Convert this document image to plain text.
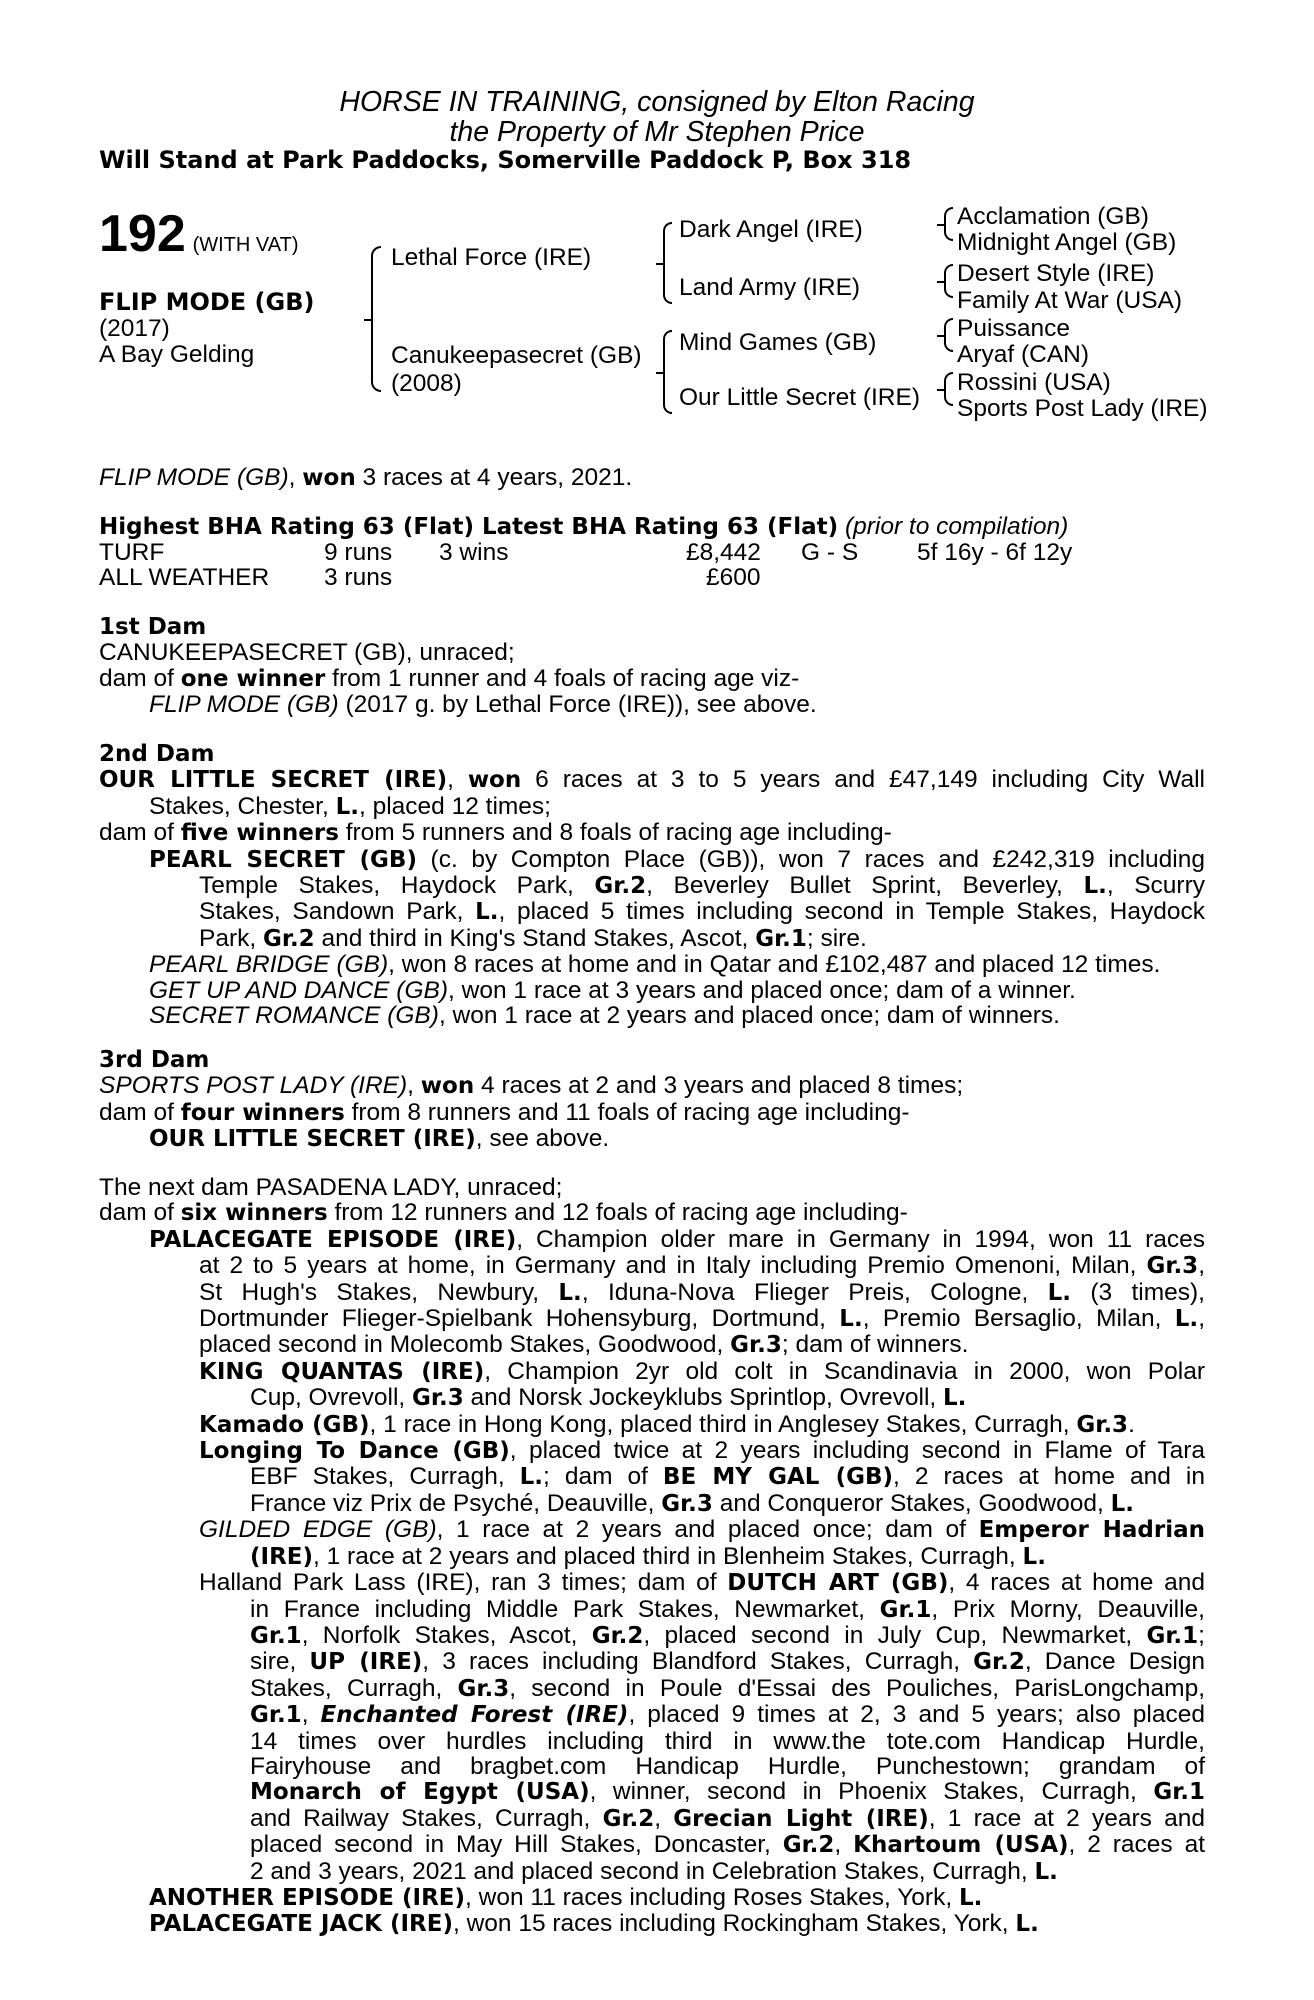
HORSE IN TRAINING, consigned by Elton Racing
the Property of Mr Stephen Price
Will Stand at Park Paddocks, Somerville Paddock P, Box 318
192 (WITH VAT)
FLIP MODE (GB)
(2017)
A Bay Gelding
Lethal Force (IRE)
Canukeepasecret (GB)
(2008)
Dark Angel (IRE)
Land Army (IRE)
Mind Games (GB)
Our Little Secret (IRE)
Acclamation (GB)
Midnight Angel (GB)
Desert Style (IRE)
Family At War (USA)
Puissance
Aryaf (CAN)
Rossini (USA)
Sports Post Lady (IRE)
FLIP MODE (GB), won 3 races at 4 years, 2021.
Highest BHA Rating 63 (Flat) Latest BHA Rating 63 (Flat) (prior to compilation)
TURF	9 runs 3 wins	£8,442 G - S 5f 16y - 6f 12y
ALL WEATHER 3 runs	£600
1st Dam
CANUKEEPASECRET (GB), unraced;
dam of one winner from 1 runner and 4 foals of racing age viz-
FLIP MODE (GB) (2017 g. by Lethal Force (IRE)), see above.
2nd Dam
OUR LITTLE SECRET (IRE), won 6 races at 3 to 5 years and £47,149 including City Wall
Stakes, Chester, L., placed 12 times;
dam of five winners from 5 runners and 8 foals of racing age including-
PEARL SECRET (GB) (c. by Compton Place (GB)), won 7 races and £242,319 including
Temple Stakes, Haydock Park, Gr.2, Beverley Bullet Sprint, Beverley, L., Scurry
Stakes, Sandown Park, L., placed 5 times including second in Temple Stakes, Haydock
Park, Gr.2 and third in King's Stand Stakes, Ascot, Gr.1; sire.
PEARL BRIDGE (GB), won 8 races at home and in Qatar and £102,487 and placed 12 times.
GET UP AND DANCE (GB), won 1 race at 3 years and placed once; dam of a winner.
SECRET ROMANCE (GB), won 1 race at 2 years and placed once; dam of winners.
3rd Dam
SPORTS POST LADY (IRE), won 4 races at 2 and 3 years and placed 8 times;
dam of four winners from 8 runners and 11 foals of racing age including-
OUR LITTLE SECRET (IRE), see above.
The next dam PASADENA LADY, unraced;
dam of six winners from 12 runners and 12 foals of racing age including-
PALACEGATE EPISODE (IRE), Champion older mare in Germany in 1994, won 11 races
at 2 to 5 years at home, in Germany and in Italy including Premio Omenoni, Milan, Gr.3,
St Hugh's Stakes, Newbury, L., Iduna-Nova Flieger Preis, Cologne, L. (3 times),
Dortmunder Flieger-Spielbank Hohensyburg, Dortmund, L., Premio Bersaglio, Milan, L.,
placed second in Molecomb Stakes, Goodwood, Gr.3; dam of winners.
KING QUANTAS (IRE), Champion 2yr old colt in Scandinavia in 2000, won Polar
Cup, Ovrevoll, Gr.3 and Norsk Jockeyklubs Sprintlop, Ovrevoll, L.
Kamado (GB), 1 race in Hong Kong, placed third in Anglesey Stakes, Curragh, Gr.3.
Longing To Dance (GB), placed twice at 2 years including second in Flame of Tara
EBF Stakes, Curragh, L.; dam of BE MY GAL (GB), 2 races at home and in
France viz Prix de Psyché, Deauville, Gr.3 and Conqueror Stakes, Goodwood, L.
GILDED EDGE (GB), 1 race at 2 years and placed once; dam of Emperor Hadrian
(IRE), 1 race at 2 years and placed third in Blenheim Stakes, Curragh, L.
Halland Park Lass (IRE), ran 3 times; dam of DUTCH ART (GB), 4 races at home and
in France including Middle Park Stakes, Newmarket, Gr.1, Prix Morny, Deauville,
Gr.1, Norfolk Stakes, Ascot, Gr.2, placed second in July Cup, Newmarket, Gr.1;
sire, UP (IRE), 3 races including Blandford Stakes, Curragh, Gr.2, Dance Design
Stakes, Curragh, Gr.3, second in Poule d'Essai des Pouliches, ParisLongchamp,
Gr.1, Enchanted Forest (IRE), placed 9 times at 2, 3 and 5 years; also placed
14 times over hurdles including third in www.the tote.com Handicap Hurdle,
Fairyhouse and bragbet.com Handicap Hurdle, Punchestown; grandam of
Monarch of Egypt (USA), winner, second in Phoenix Stakes, Curragh, Gr.1
and Railway Stakes, Curragh, Gr.2, Grecian Light (IRE), 1 race at 2 years and
placed second in May Hill Stakes, Doncaster, Gr.2, Khartoum (USA), 2 races at
2 and 3 years, 2021 and placed second in Celebration Stakes, Curragh, L.
ANOTHER EPISODE (IRE), won 11 races including Roses Stakes, York, L.
PALACEGATE JACK (IRE), won 15 races including Rockingham Stakes, York, L.
